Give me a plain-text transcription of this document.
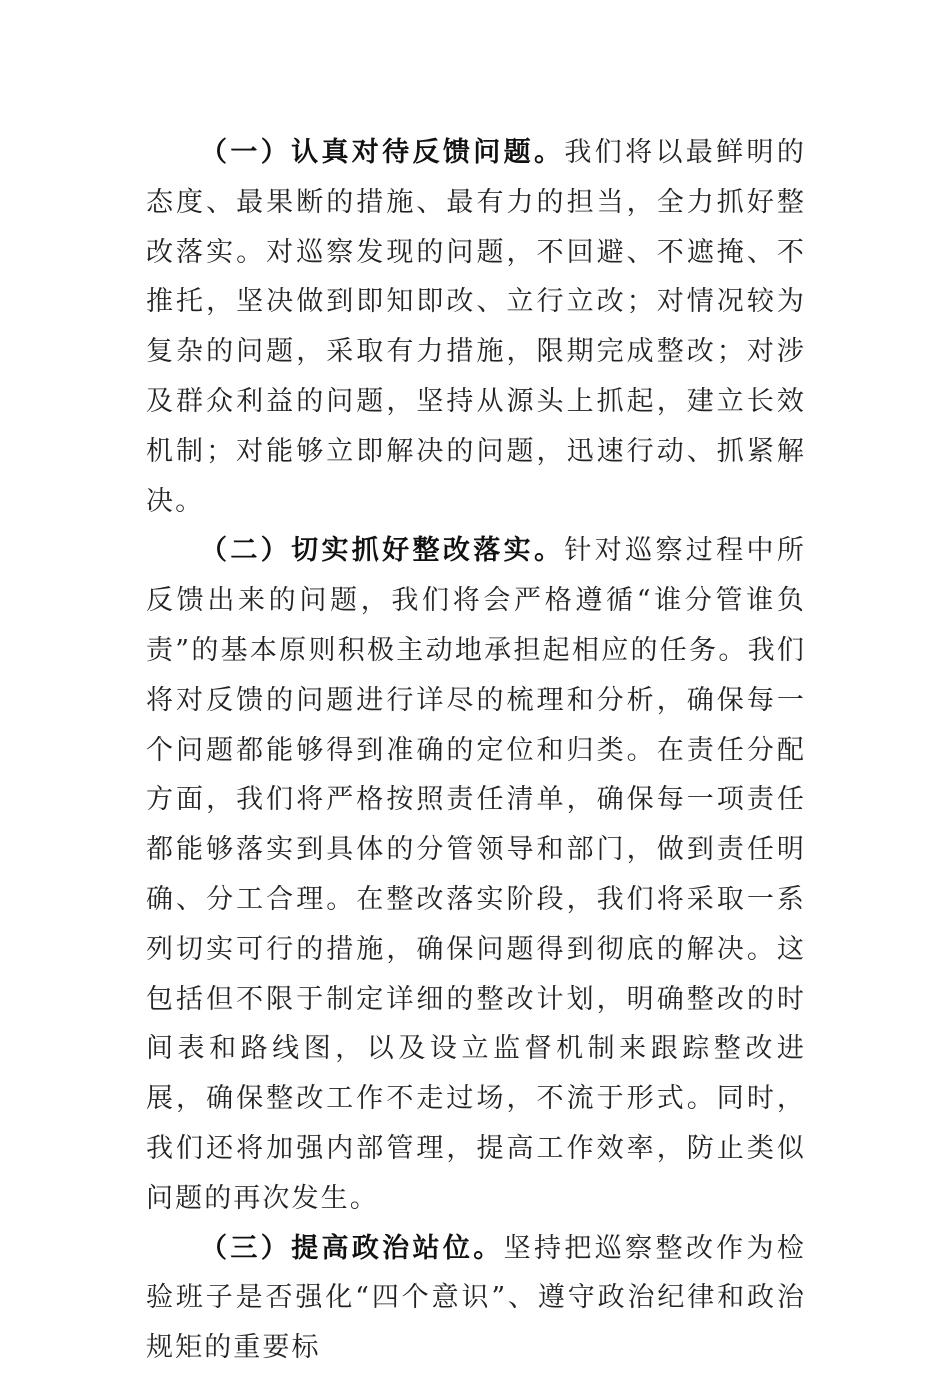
（一）认真对待反馈问题。我们将以最鲜明的态度、最果断的措施、最有力的担当，全力抓好整改落实。对巡察发现的问题，不回避、不遮掩、不推托，坚决做到即知即改、立行立改；对情况较为复杂的问题，采取有力措施，限期完成整改；对涉及群众利益的问题，坚持从源头上抓起，建立长效机制；对能够立即解决的问题，迅速行动、抓紧解决。

（二）切实抓好整改落实。针对巡察过程中所反馈出来的问题，我们将会严格遵循“谁分管谁负责”的基本原则积极主动地承担起相应的任务。我们将对反馈的问题进行详尽的梳理和分析，确保每一个问题都能够得到准确的定位和归类。在责任分配方面，我们将严格按照责任清单，确保每一项责任都能够落实到具体的分管领导和部门，做到责任明确、分工合理。在整改落实阶段，我们将采取一系列切实可行的措施，确保问题得到彻底的解决。这包括但不限于制定详细的整改计划，明确整改的时间表和路线图，以及设立监督机制来跟踪整改进展，确保整改工作不走过场，不流于形式。同时，我们还将加强内部管理，提高工作效率，防止类似问题的再次发生。

（三）提高政治站位。坚持把巡察整改作为检验班子是否强化“四个意识”、遵守政治纪律和政治规矩的重要标
